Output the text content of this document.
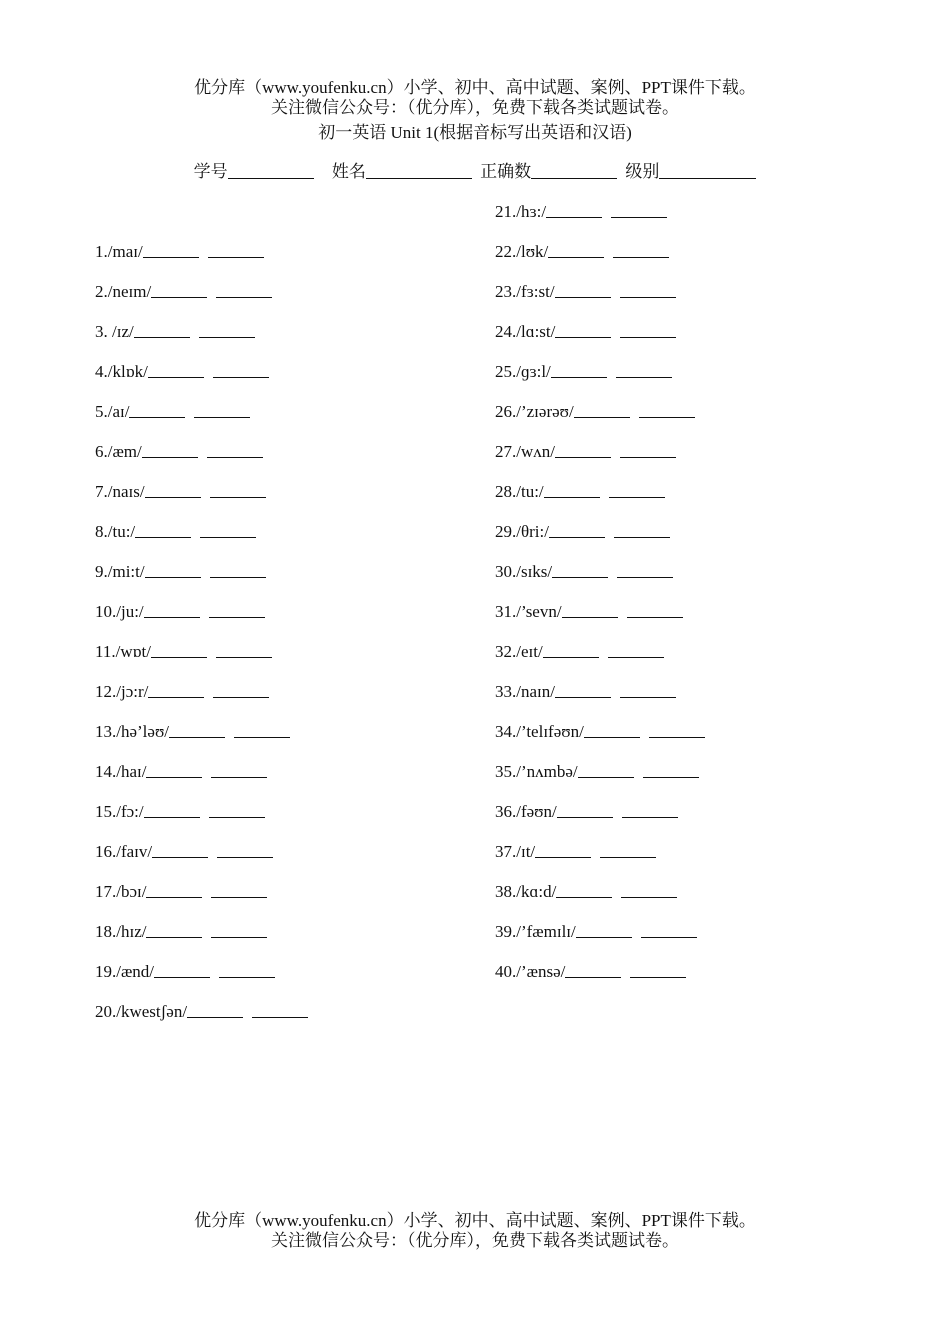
优分库（www.youfenku.cn）小学、初中、高中试题、案例、PPT课件下载。
关注微信公众号：（优分库），免费下载各类试题试卷。
初一英语 Unit 1(根据音标写出英语和汉语)
学号	姓名	正确数	级别
1./maɪ/
2./neɪm/
3. /ɪz/
4./klɒk/
5./aɪ/
6./æm/
7./naɪs/
8./tu:/
9./mi:t/
10./ju:/
11./wɒt/
12./jɔ:r/
13./hə’ləʊ/
14./haɪ/
15./fɔ:/
16./faɪv/
17./bɔɪ/
18./hɪz/
19./ænd/
20./kwestʃən/
21./hɜ:/
22./lʊk/
23./fɜ:st/
24./lɑ:st/
25./ɡɜ:l/
26./’zɪərəʊ/
27./wʌn/
28./tu:/
29./θri:/
30./sɪks/
31./’sevn/
32./eɪt/
33./naɪn/
34./’telɪfəʊn/
35./’nʌmbə/
36./fəʊn/
37./ɪt/
38./kɑ:d/
39./’fæmɪlɪ/
40./’ænsə/
优分库（www.youfenku.cn）小学、初中、高中试题、案例、PPT课件下载。
关注微信公众号：（优分库），免费下载各类试题试卷。
